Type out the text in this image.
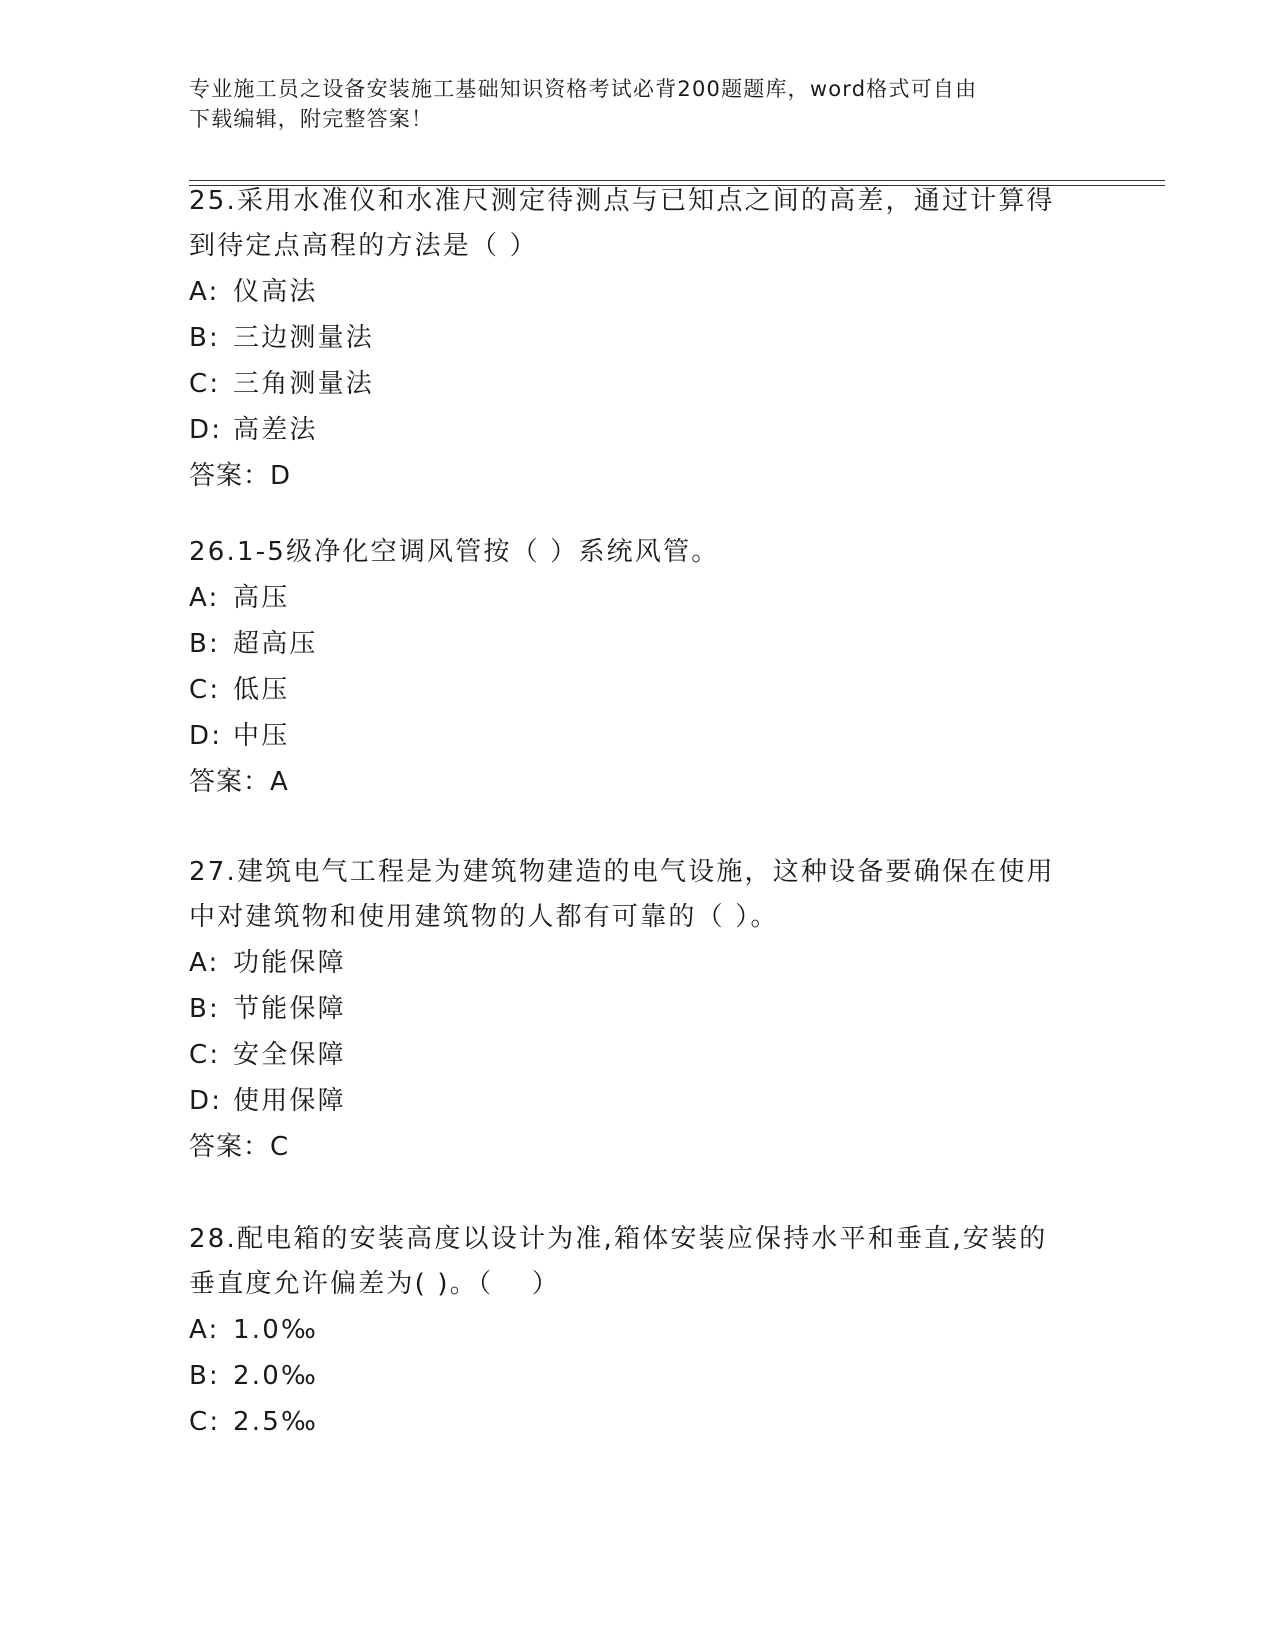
专业施工员之设备安装施工基础知识资格考试必背200题题库，word格式可自由
下载编辑，附完整答案！
25.采用水准仪和水准尺测定待测点与已知点之间的高差，通过计算得
到待定点高程的方法是（ ）
A: 仪高法
B: 三边测量法
C: 三角测量法
D: 高差法
答案：D
26.1-5级净化空调风管按（ ）系统风管。
A: 高压
B: 超高压
C: 低压
D: 中压
答案：A
27.建筑电气工程是为建筑物建造的电气设施，这种设备要确保在使用
中对建筑物和使用建筑物的人都有可靠的（ ）。
A: 功能保障
B: 节能保障
C: 安全保障
D: 使用保障
答案：C
28.配电箱的安装高度以设计为准,箱体安装应保持水平和垂直,安装的
垂直度允许偏差为( )。（　 ）
A: 1.0‰
B: 2.0‰
C: 2.5‰
